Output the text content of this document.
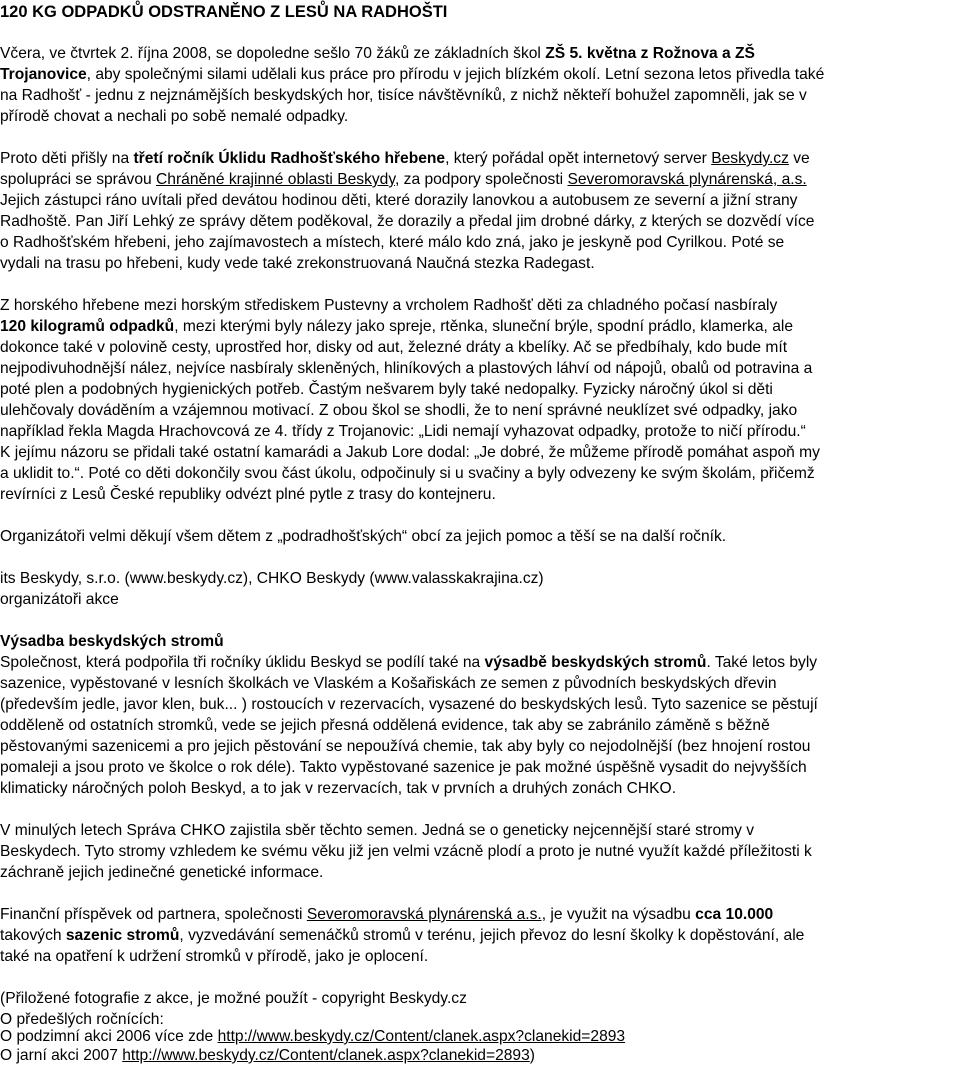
120 KG ODPADKŮ ODSTRANĚNO Z LESŮ NA RADHOŠTI
Včera, ve čtvrtek 2. října 2008, se dopoledne sešlo 70 žáků ze základních škol ZŠ 5. května z Rožnova a ZŠ
Trojanovice, aby společnými silami udělali kus práce pro přírodu v jejich blízkém okolí. Letní sezona letos přivedla také
na Radhošť - jednu z nejznámějších beskydských hor, tisíce návštěvníků, z nichž někteří bohužel zapomněli, jak se v
přírodě chovat a nechali po sobě nemalé odpadky.
Proto děti přišly na třetí ročník Úklidu Radhošťského hřebene, který pořádal opět internetový server Beskydy.cz ve
spolupráci se správou Chráněné krajinné oblasti Beskydy, za podpory společnosti Severomoravská plynárenská, a.s.
Jejich zástupci ráno uvítali před devátou hodinou děti, které dorazily lanovkou a autobusem ze severní a jižní strany
Radhoště. Pan Jiří Lehký ze správy dětem poděkoval, že dorazily a předal jim drobné dárky, z kterých se dozvědí více
o Radhošťském hřebeni, jeho zajímavostech a místech, které málo kdo zná, jako je jeskyně pod Cyrilkou. Poté se
vydali na trasu po hřebeni, kudy vede také zrekonstruovaná Naučná stezka Radegast.
Z horského hřebene mezi horským střediskem Pustevny a vrcholem Radhošť děti za chladného počasí nasbíraly
120 kilogramů odpadků, mezi kterými byly nálezy jako spreje, rtěnka, sluneční brýle, spodní prádlo, klamerka, ale
dokonce také v polovině cesty, uprostřed hor, disky od aut, železné dráty a kbelíky. Ač se předbíhaly, kdo bude mít
nejpodivuhodnější nález, nejvíce nasbíraly skleněných, hliníkových a plastových láhví od nápojů, obalů od potravina a
poté plen a podobných hygienických potřeb. Častým nešvarem byly také nedopalky. Fyzicky náročný úkol si děti
ulehčovaly dováděním a vzájemnou motivací. Z obou škol se shodli, že to není správné neuklízet své odpadky, jako
například řekla Magda Hrachovcová ze 4. třídy z Trojanovic: „Lidi nemají vyhazovat odpadky, protože to ničí přírodu.“
K jejímu názoru se přidali také ostatní kamarádi a Jakub Lore dodal: „Je dobré, že můžeme přírodě pomáhat aspoň my
a uklidit to.“. Poté co děti dokončily svou část úkolu, odpočinuly si u svačiny a byly odvezeny ke svým školám, přičemž
revírníci z Lesů České republiky odvézt plné pytle z trasy do kontejneru.
Organizátoři velmi děkují všem dětem z „podradhošťských“ obcí za jejich pomoc a těší se na další ročník.
its Beskydy, s.r.o. (www.beskydy.cz), CHKO Beskydy (www.valasskakrajina.cz)
organizátoři akce
Výsadba beskydských stromů
Společnost, která podpořila tři ročníky úklidu Beskyd se podílí také na výsadbě beskydských stromů. Také letos byly
sazenice, vypěstované v lesních školkách ve Vlaském a Košařiskách ze semen z původních beskydských dřevin
(především jedle, javor klen, buk... ) rostoucích v rezervacích, vysazené do beskydských lesů. Tyto sazenice se pěstují
odděleně od ostatních stromků, vede se jejich přesná oddělená evidence, tak aby se zabránilo záměně s běžně
pěstovanými sazenicemi a pro jejich pěstování se nepoužívá chemie, tak aby byly co nejodolnější (bez hnojení rostou
pomaleji a jsou proto ve školce o rok déle). Takto vypěstované sazenice je pak možné úspěšně vysadit do nejvyšších
klimaticky náročných poloh Beskyd, a to jak v rezervacích, tak v prvních a druhých zonách CHKO.
V minulých letech Správa CHKO zajistila sběr těchto semen. Jedná se o geneticky nejcennější staré stromy v
Beskydech. Tyto stromy vzhledem ke svému věku již jen velmi vzácně plodí a proto je nutné využít každé příležitosti k
záchraně jejich jedinečné genetické informace.
Finanční příspěvek od partnera, společnosti Severomoravská plynárenská a.s., je využit na výsadbu cca 10.000
takových sazenic stromů, vyzvedávání semenáčků stromů v terénu, jejich převoz do lesní školky k dopěstování, ale
také na opatření k udržení stromků v přírodě, jako je oplocení.
(Přiložené fotografie z akce, je možné použít - copyright Beskydy.cz
O předešlých ročnících:
O podzimní akci 2006 více zde http://www.beskydy.cz/Content/clanek.aspx?clanekid=2893
O jarní akci 2007 http://www.beskydy.cz/Content/clanek.aspx?clanekid=2893)
